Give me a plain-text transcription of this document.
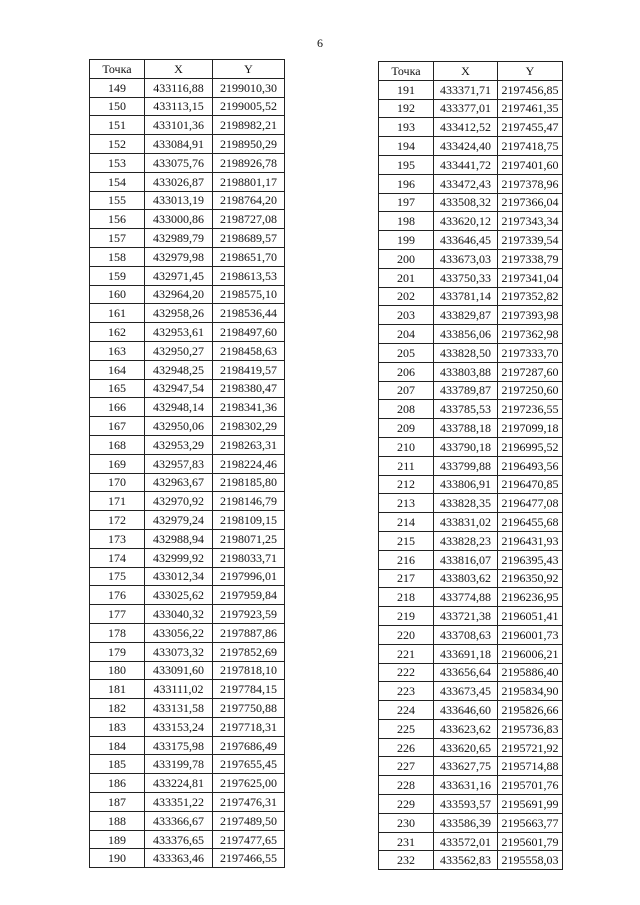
6
Точка	X	Y
149	433116,88	2199010,30
150	433113,15	2199005,52
151	433101,36	2198982,21
152	433084,91	2198950,29
153	433075,76	2198926,78
154	433026,87	2198801,17
155	433013,19	2198764,20
156	433000,86	2198727,08
157	432989,79	2198689,57
158	432979,98	2198651,70
159	432971,45	2198613,53
160	432964,20	2198575,10
161	432958,26	2198536,44
162	432953,61	2198497,60
163	432950,27	2198458,63
164	432948,25	2198419,57
165	432947,54	2198380,47
166	432948,14	2198341,36
167	432950,06	2198302,29
168	432953,29	2198263,31
169	432957,83	2198224,46
170	432963,67	2198185,80
171	432970,92	2198146,79
172	432979,24	2198109,15
173	432988,94	2198071,25
174	432999,92	2198033,71
175	433012,34	2197996,01
176	433025,62	2197959,84
177	433040,32	2197923,59
178	433056,22	2197887,86
179	433073,32	2197852,69
180	433091,60	2197818,10
181	433111,02	2197784,15
182	433131,58	2197750,88
183	433153,24	2197718,31
184	433175,98	2197686,49
185	433199,78	2197655,45
186	433224,81	2197625,00
187	433351,22	2197476,31
188	433366,67	2197489,50
189	433376,65	2197477,65
190	433363,46	2197466,55
Точка	X	Y
191	433371,71	2197456,85
192	433377,01	2197461,35
193	433412,52	2197455,47
194	433424,40	2197418,75
195	433441,72	2197401,60
196	433472,43	2197378,96
197	433508,32	2197366,04
198	433620,12	2197343,34
199	433646,45	2197339,54
200	433673,03	2197338,79
201	433750,33	2197341,04
202	433781,14	2197352,82
203	433829,87	2197393,98
204	433856,06	2197362,98
205	433828,50	2197333,70
206	433803,88	2197287,60
207	433789,87	2197250,60
208	433785,53	2197236,55
209	433788,18	2197099,18
210	433790,18	2196995,52
211	433799,88	2196493,56
212	433806,91	2196470,85
213	433828,35	2196477,08
214	433831,02	2196455,68
215	433828,23	2196431,93
216	433816,07	2196395,43
217	433803,62	2196350,92
218	433774,88	2196236,95
219	433721,38	2196051,41
220	433708,63	2196001,73
221	433691,18	2196006,21
222	433656,64	2195886,40
223	433673,45	2195834,90
224	433646,60	2195826,66
225	433623,62	2195736,83
226	433620,65	2195721,92
227	433627,75	2195714,88
228	433631,16	2195701,76
229	433593,57	2195691,99
230	433586,39	2195663,77
231	433572,01	2195601,79
232	433562,83	2195558,03
